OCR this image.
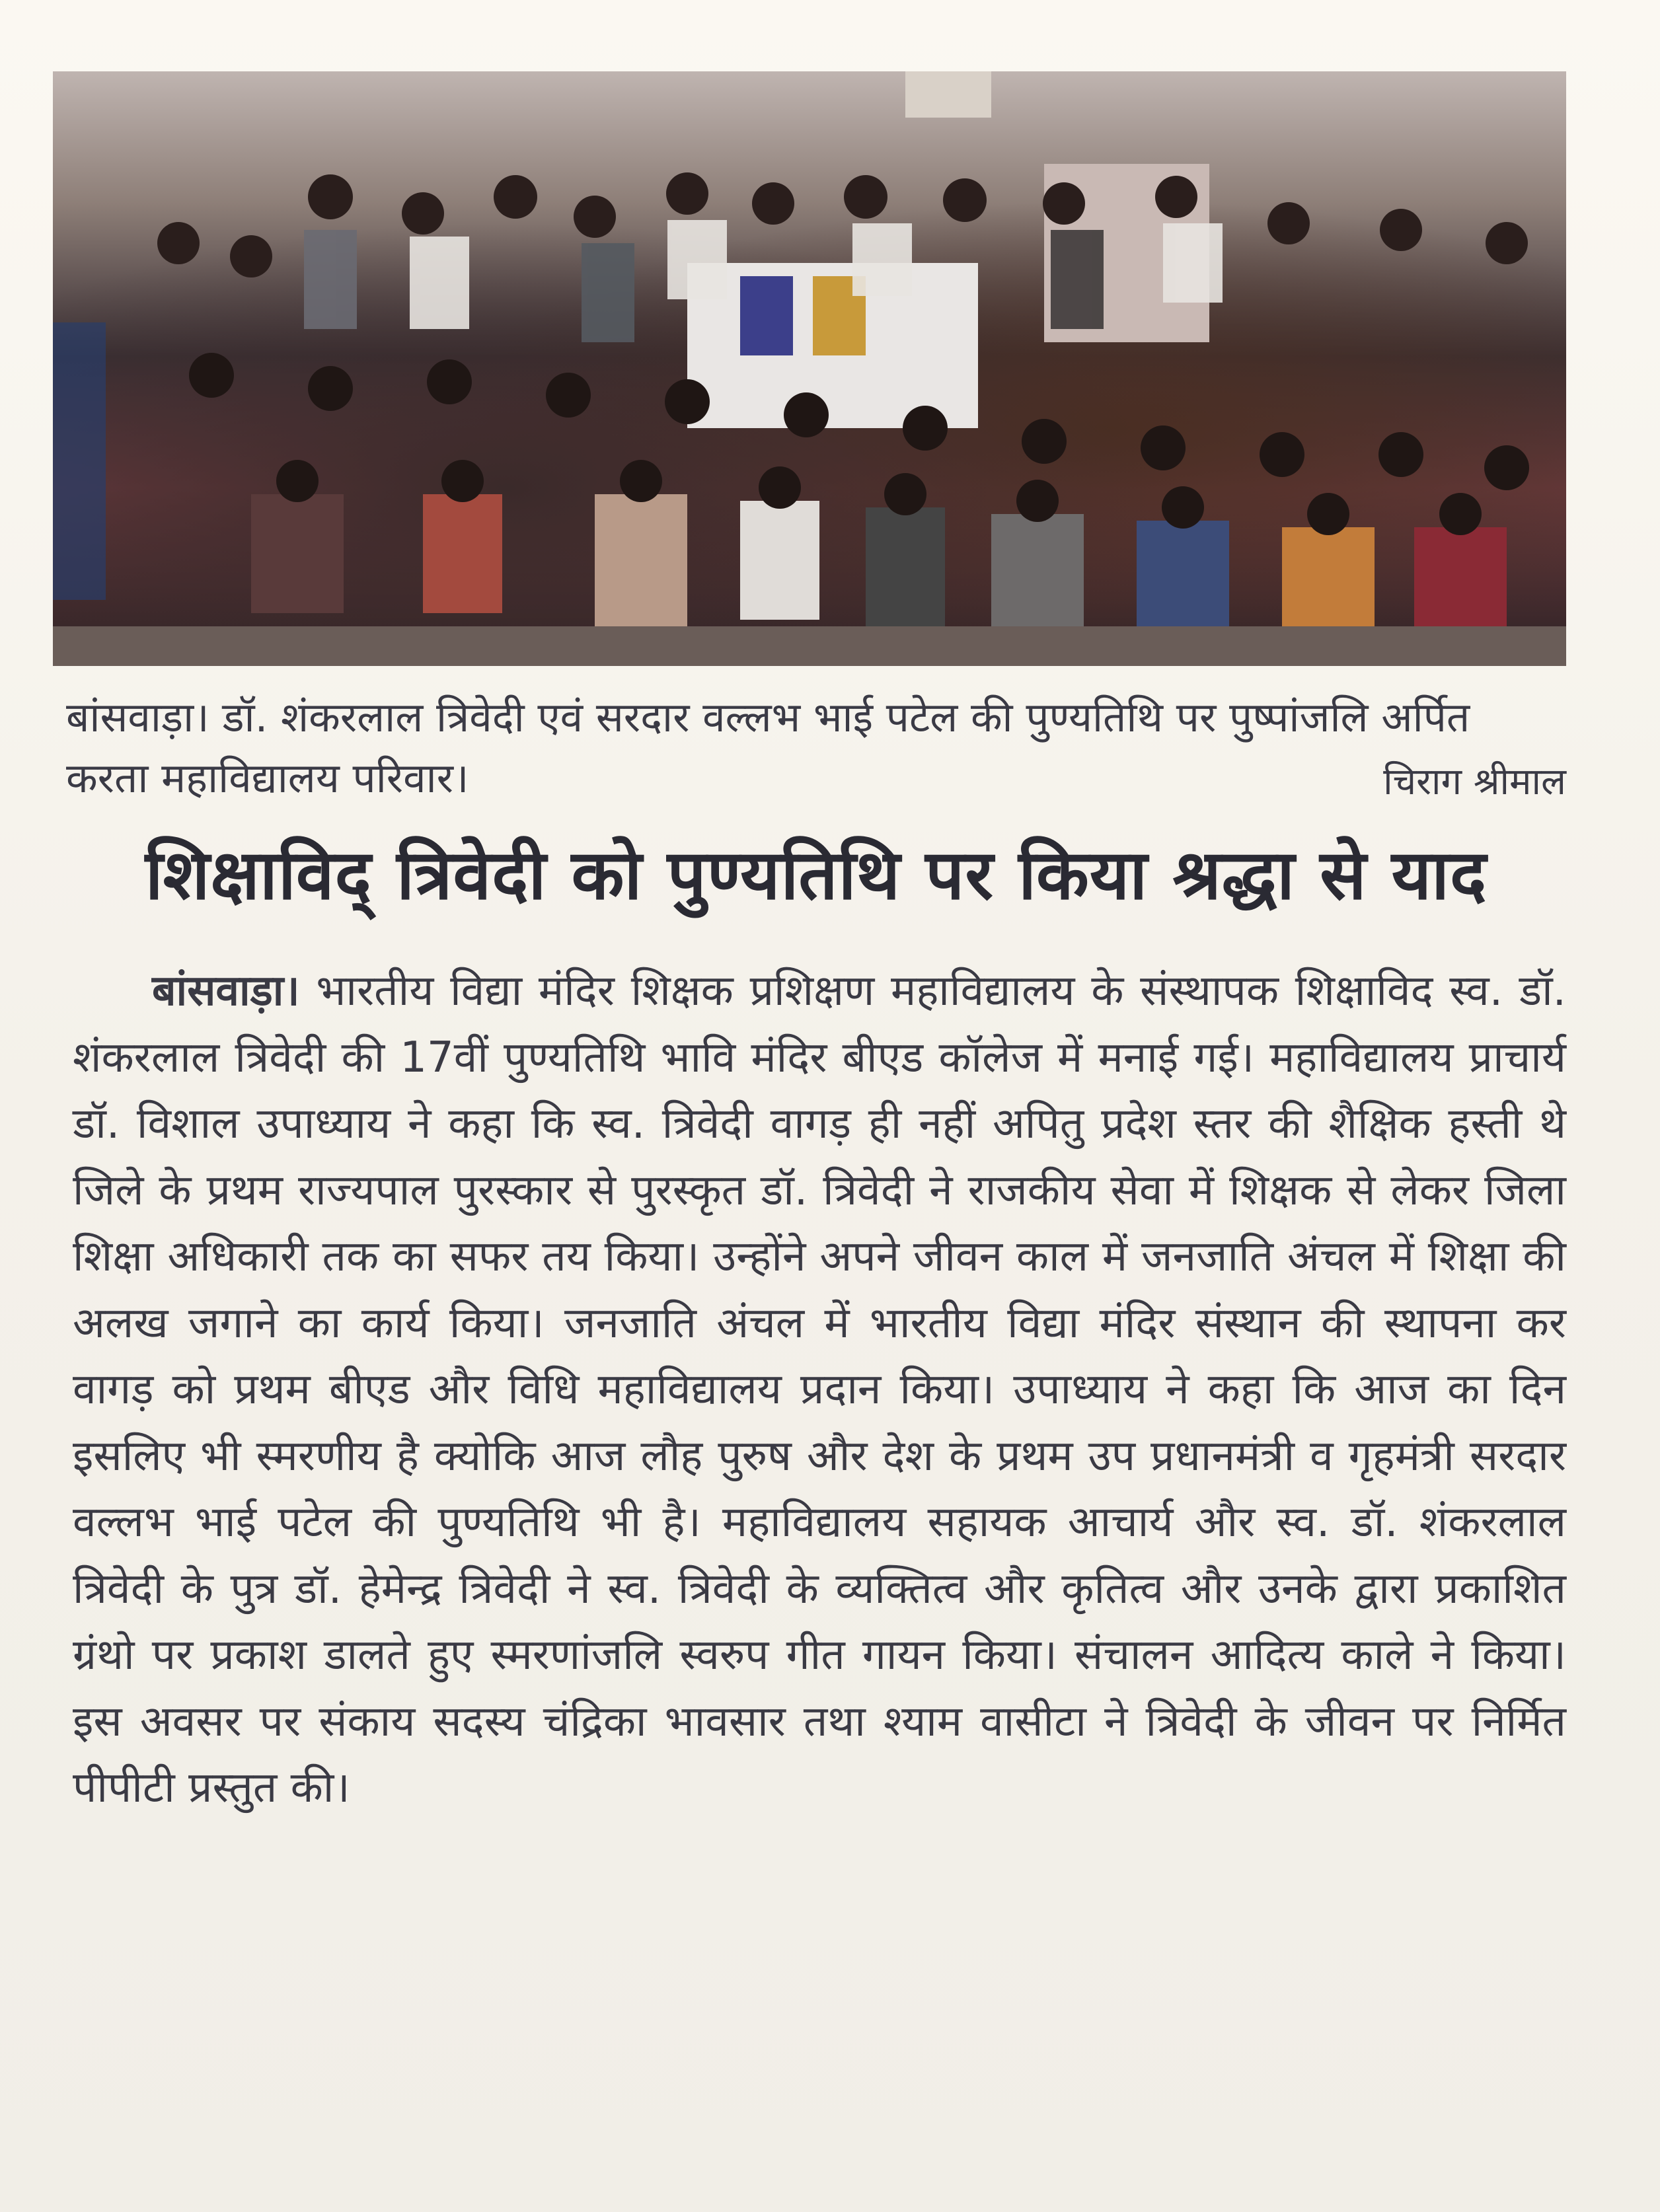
बांसवाड़ा। डॉ. शंकरलाल त्रिवेदी एवं सरदार वल्लभ भाई पटेल की पुण्यतिथि पर पुष्पांजलि अर्पित करता महाविद्यालय परिवार।	चिराग श्रीमाल
शिक्षाविद् त्रिवेदी को पुण्यतिथि पर किया श्रद्धा से याद
बांसवाड़ा। भारतीय विद्या मंदिर शिक्षक प्रशिक्षण महाविद्यालय के संस्थापक शिक्षाविद स्व. डॉ. शंकरलाल त्रिवेदी की 17वीं पुण्यतिथि भावि मंदिर बीएड कॉलेज में मनाई गई। महाविद्यालय प्राचार्य डॉ. विशाल उपाध्याय ने कहा कि स्व. त्रिवेदी वागड़ ही नहीं अपितु प्रदेश स्तर की शैक्षिक हस्ती थे जिले के प्रथम राज्यपाल पुरस्कार से पुरस्कृत डॉ. त्रिवेदी ने राजकीय सेवा में शिक्षक से लेकर जिला शिक्षा अधिकारी तक का सफर तय किया। उन्होंने अपने जीवन काल में जनजाति अंचल में शिक्षा की अलख जगाने का कार्य किया। जनजाति अंचल में भारतीय विद्या मंदिर संस्थान की स्थापना कर वागड़ को प्रथम बीएड और विधि महाविद्यालय प्रदान किया। उपाध्याय ने कहा कि आज का दिन इसलिए भी स्मरणीय है क्योकि आज लौह पुरुष और देश के प्रथम उप प्रधानमंत्री व गृहमंत्री सरदार वल्लभ भाई पटेल की पुण्यतिथि भी है। महाविद्यालय सहायक आचार्य और स्व. डॉ. शंकरलाल त्रिवेदी के पुत्र डॉ. हेमेन्द्र त्रिवेदी ने स्व. त्रिवेदी के व्यक्तित्व और कृतित्व और उनके द्वारा प्रकाशित ग्रंथो पर प्रकाश डालते हुए स्मरणांजलि स्वरुप गीत गायन किया। संचालन आदित्य काले ने किया। इस अवसर पर संकाय सदस्य चंद्रिका भावसार तथा श्याम वासीटा ने त्रिवेदी के जीवन पर निर्मित पीपीटी प्रस्तुत की।
